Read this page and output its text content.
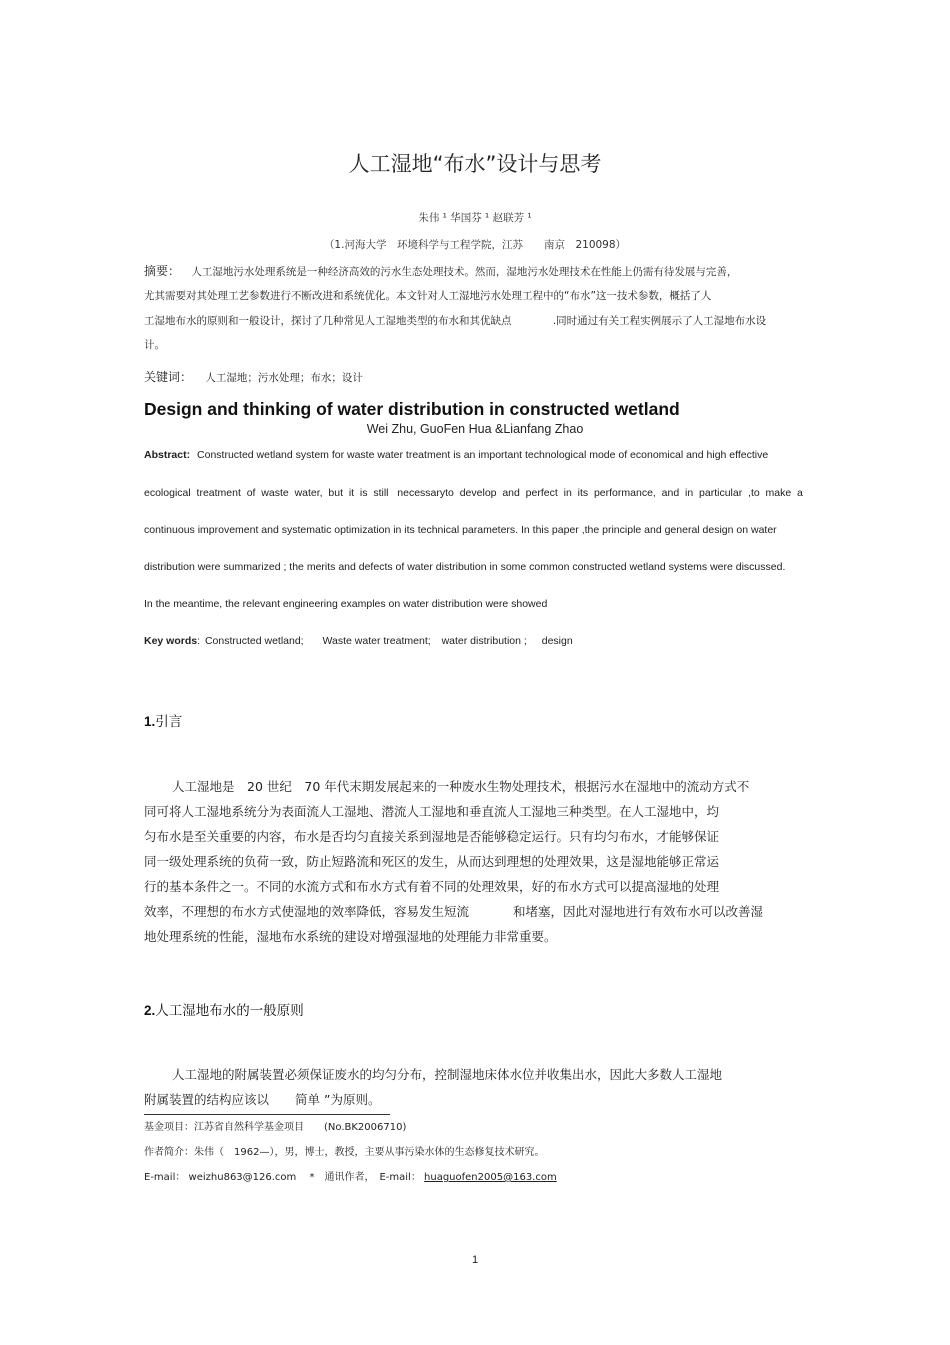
人工湿地“布水”设计与思考
朱伟 ¹ 华国芬 ¹ 赵联芳 ¹
（1.河海大学　环境科学与工程学院，江苏　　南京　210098）
摘要： 人工湿地污水处理系统是一种经济高效的污水生态处理技术。然而，湿地污水处理技术在性能上仍需有待发展与完善，
尤其需要对其处理工艺参数进行不断改进和系统优化。本文针对人工湿地污水处理工程中的“布水”这一技术参数，概括了人
工湿地布水的原则和一般设计，探讨了几种常见人工湿地类型的布水和其优缺点	.同时通过有关工程实例展示了人工湿地布水设
计。
关键词： 人工湿地；污水处理；布水；设计
Design and thinking of water distribution in constructed wetland
Wei Zhu, GuoFen Hua &Lianfang Zhao
Abstract: Constructed wetland system for waste water treatment is an important technological mode of economical and high effective
ecological  treatment  of  waste  water,  but  it  is  still   necessaryto  develop  and  perfect  in  its  performance,  and  in  particular  ,to  make  a
continuous improvement and systematic optimization in its technical parameters. In this paper ,the principle and general design on water
distribution were summarized ; the merits and defects of water distribution in some common constructed wetland systems were discussed.
In the meantime, the relevant engineering examples on water distribution were showed
Key words: Constructed wetland; Waste water treatment; water distribution ; design
1.引言
人工湿地是　20 世纪　70 年代末期发展起来的一种废水生物处理技术，根据污水在湿地中的流动方式不
同可将人工湿地系统分为表面流人工湿地、潜流人工湿地和垂直流人工湿地三种类型。在人工湿地中，均
匀布水是至关重要的内容，布水是否均匀直接关系到湿地是否能够稳定运行。只有均匀布水，才能够保证
同一级处理系统的负荷一致，防止短路流和死区的发生，从而达到理想的处理效果，这是湿地能够正常运
行的基本条件之一。不同的水流方式和布水方式有着不同的处理效果，好的布水方式可以提高湿地的处理
效率，不理想的布水方式使湿地的效率降低，容易发生短流	和堵塞，因此对湿地进行有效布水可以改善湿
地处理系统的性能，湿地布水系统的建设对增强湿地的处理能力非常重要。
2.人工湿地布水的一般原则
人工湿地的附属装置必须保证废水的均匀分布，控制湿地床体水位并收集出水，因此大多数人工湿地
附属装置的结构应该以 简单 ”为原则。
基金项目：江苏省自然科学基金项目　　(No.BK2006710)
作者简介：朱伟（　1962—），男，博士，教授，主要从事污染水体的生态修复技术研究。
E-mail： weizhu863@126.com *　通讯作者，　E-mail： huaguofen2005@163.com
1
